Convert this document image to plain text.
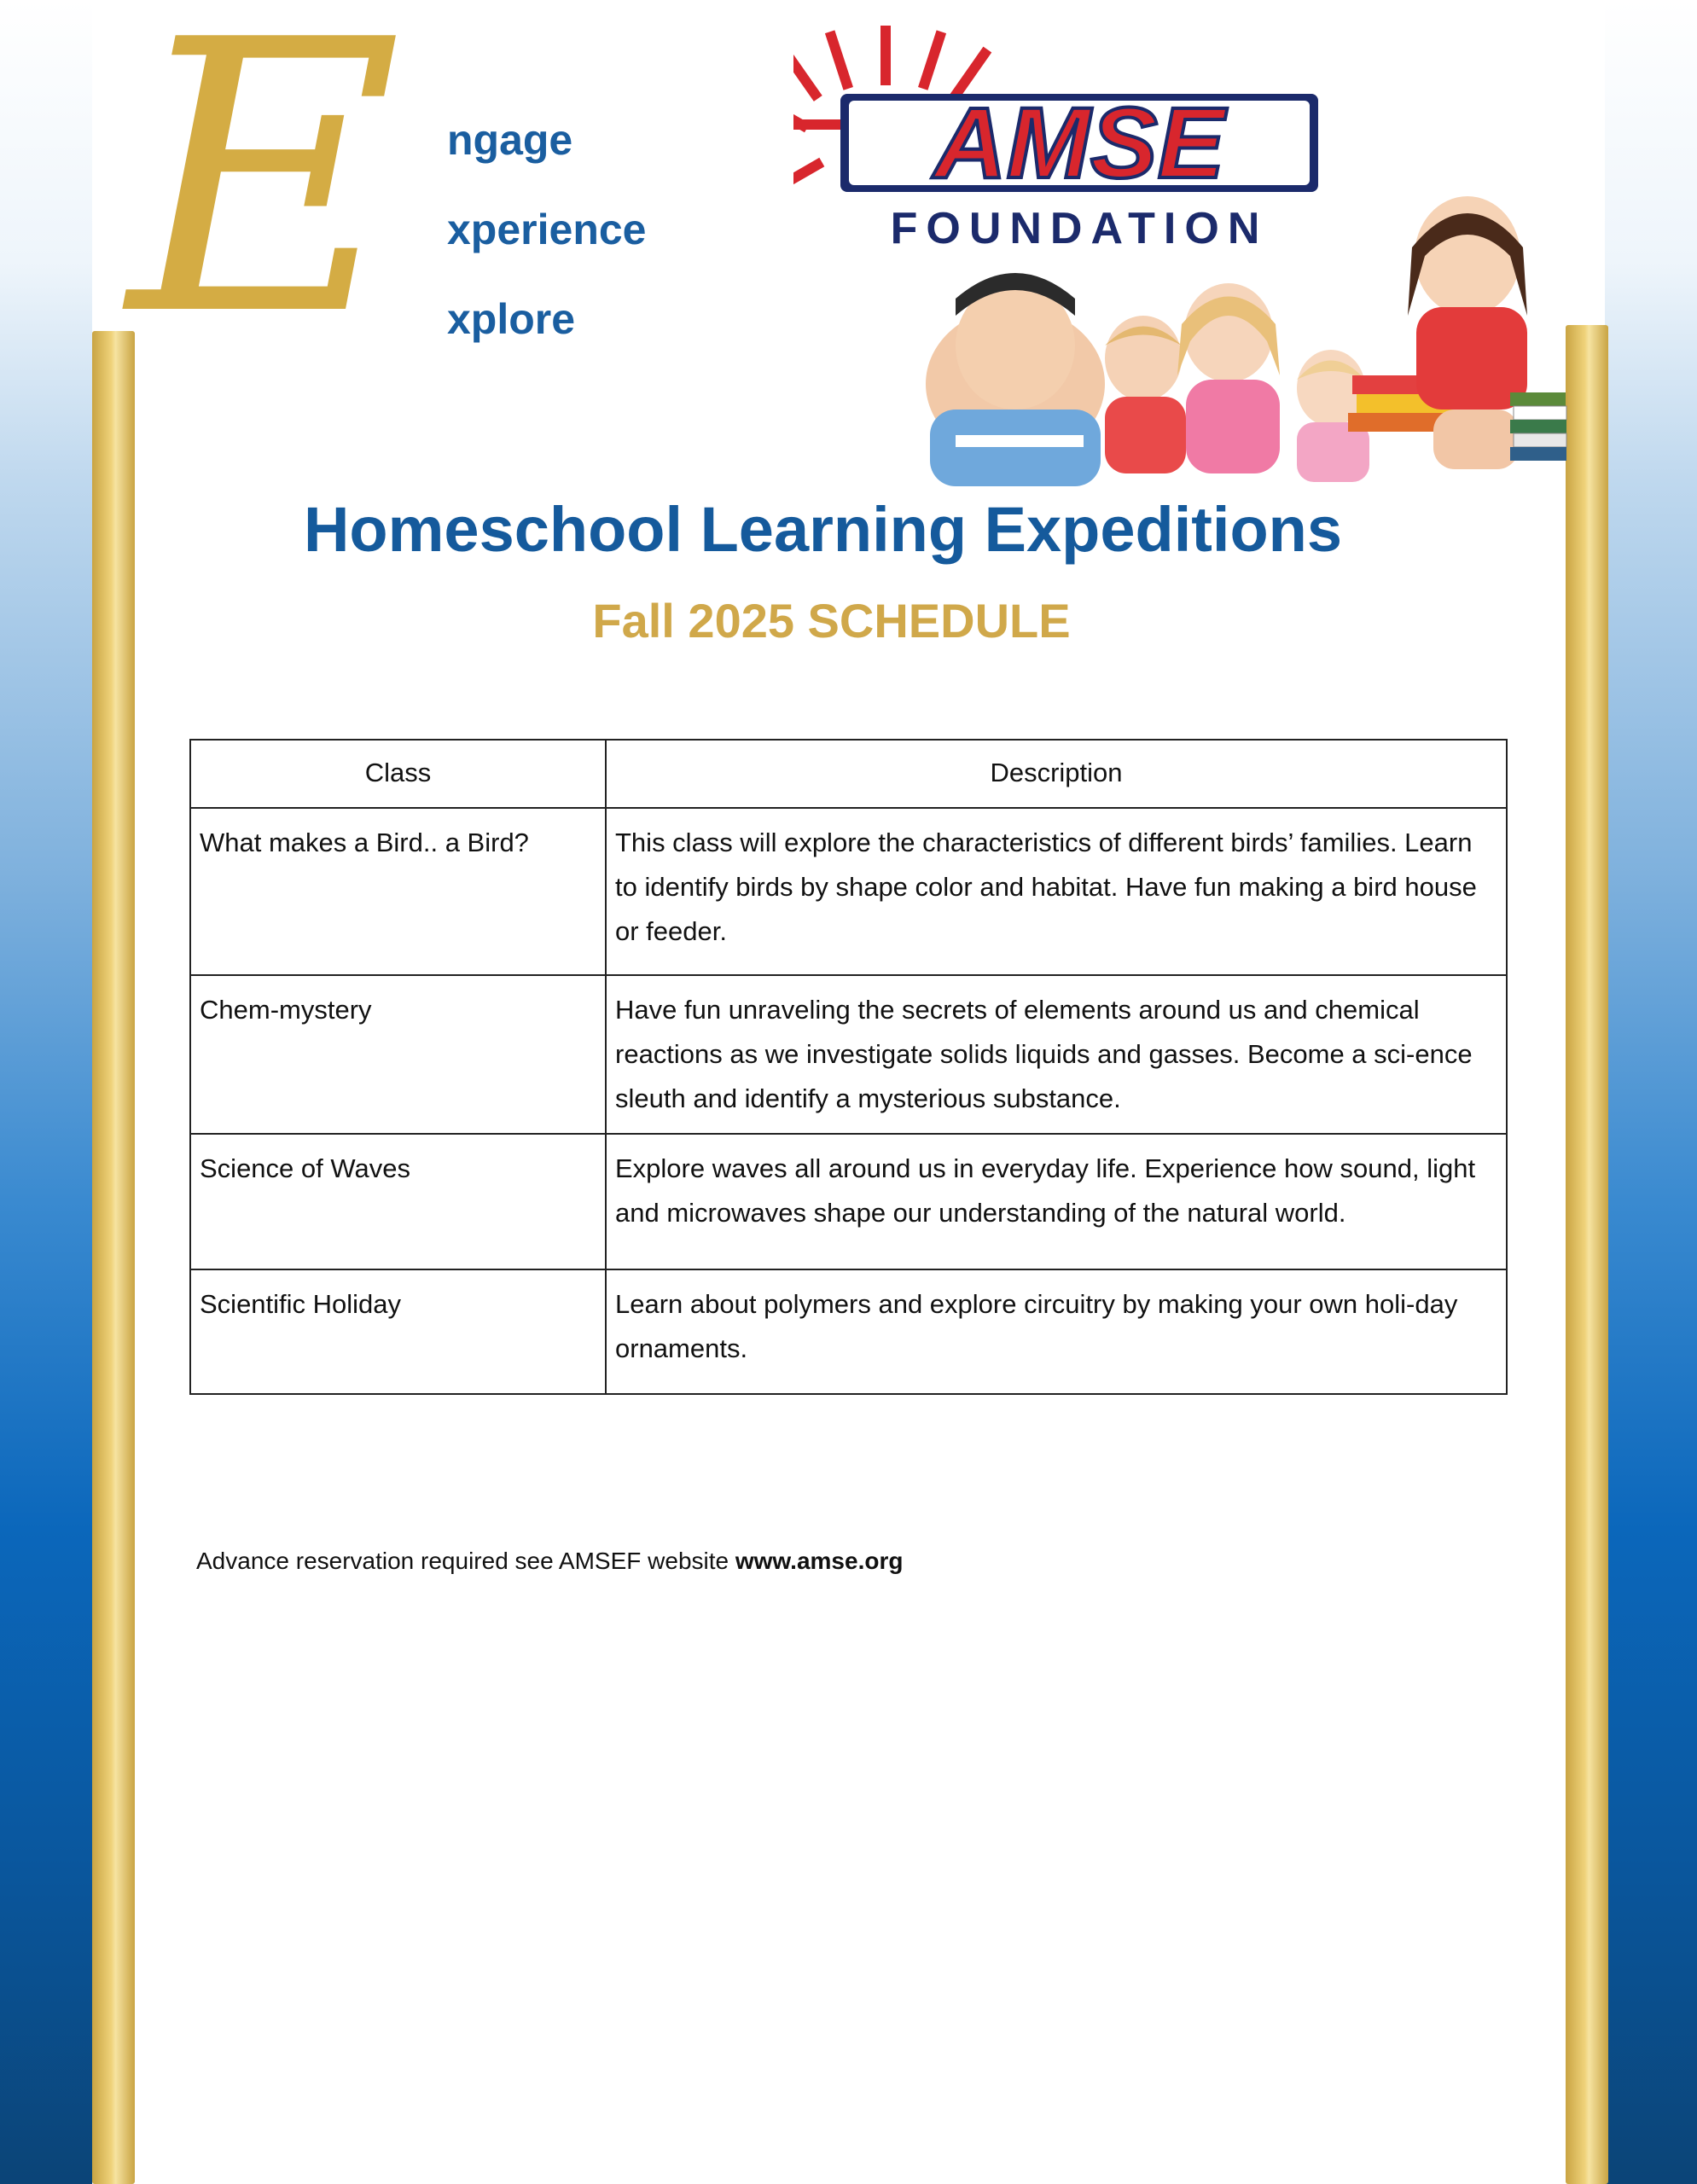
E ngage
xperience
xplore
AMSE
FOUNDATION
Homeschool Learning Expeditions
Fall 2025 SCHEDULE
Class	Description
What makes a Bird.. a Bird?	This class will explore the characteristics of different birds’ families. Learn to identify birds by shape color and habitat. Have fun making a bird house or feeder.
Chem-mystery	Have fun unraveling the secrets of elements around us and chemical reactions as we investigate solids liquids and gasses. Become a sci-ence sleuth and identify a mysterious substance.
Science of Waves	Explore waves all around us in everyday life. Experience how sound, light and microwaves shape our understanding of the natural world.
Scientific Holiday	Learn about polymers and explore circuitry by making your own holi-day ornaments.
Advance reservation required see AMSEF website www.amse.org
